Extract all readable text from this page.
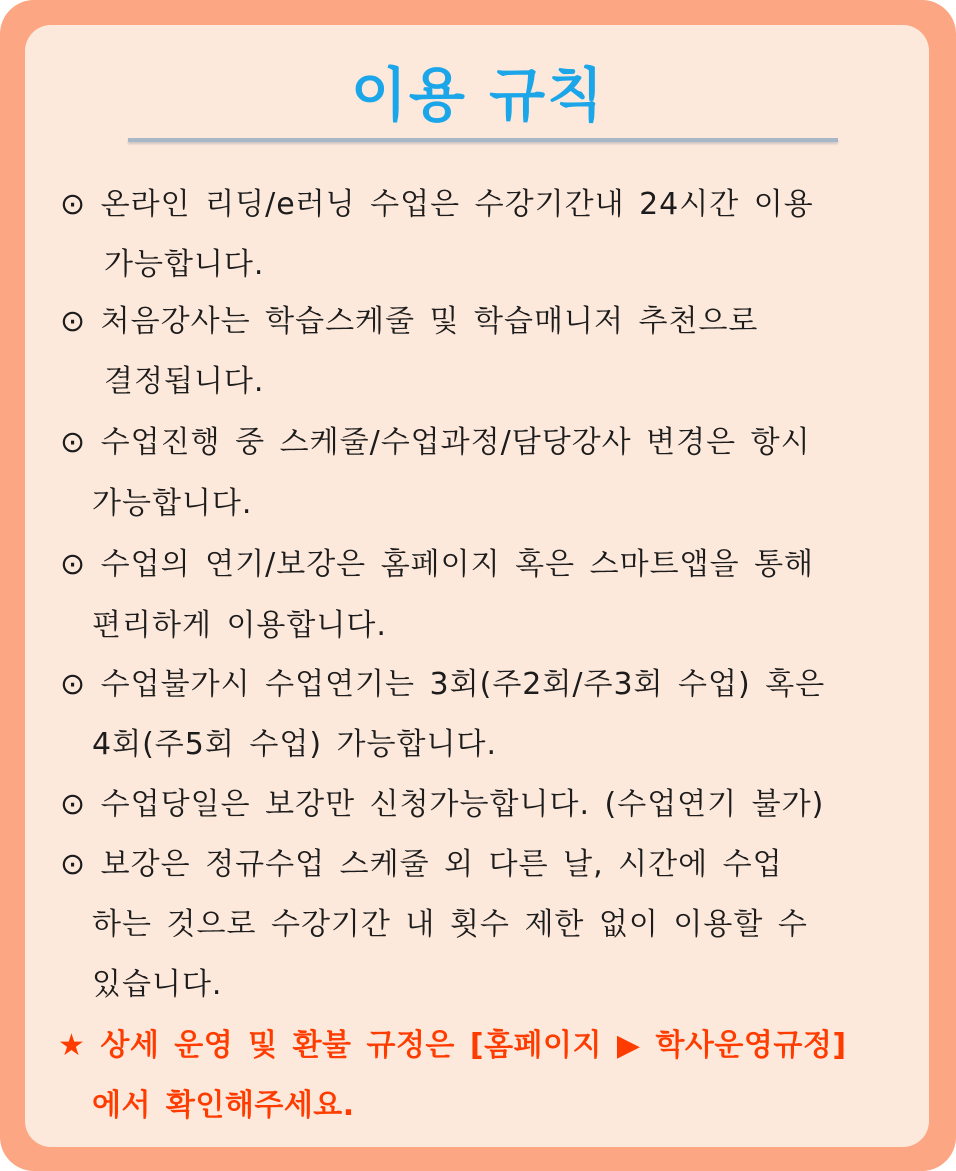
이용 규칙
⊙ 온라인 리딩/e러닝 수업은 수강기간내 24시간 이용
가능합니다.
⊙ 처음강사는 학습스케줄 및 학습매니저 추천으로
결정됩니다.
⊙ 수업진행 중 스케줄/수업과정/담당강사 변경은 항시
가능합니다.
⊙ 수업의 연기/보강은 홈페이지 혹은 스마트앱을 통해
편리하게 이용합니다.
⊙ 수업불가시 수업연기는 3회(주2회/주3회 수업) 혹은
4회(주5회 수업) 가능합니다.
⊙ 수업당일은 보강만 신청가능합니다. (수업연기 불가)
⊙ 보강은 정규수업 스케줄 외 다른 날, 시간에 수업
하는 것으로 수강기간 내 횟수 제한 없이 이용할 수
있습니다.
★ 상세 운영 및 환불 규정은 [홈페이지 ▶ 학사운영규정]
에서 확인해주세요.
